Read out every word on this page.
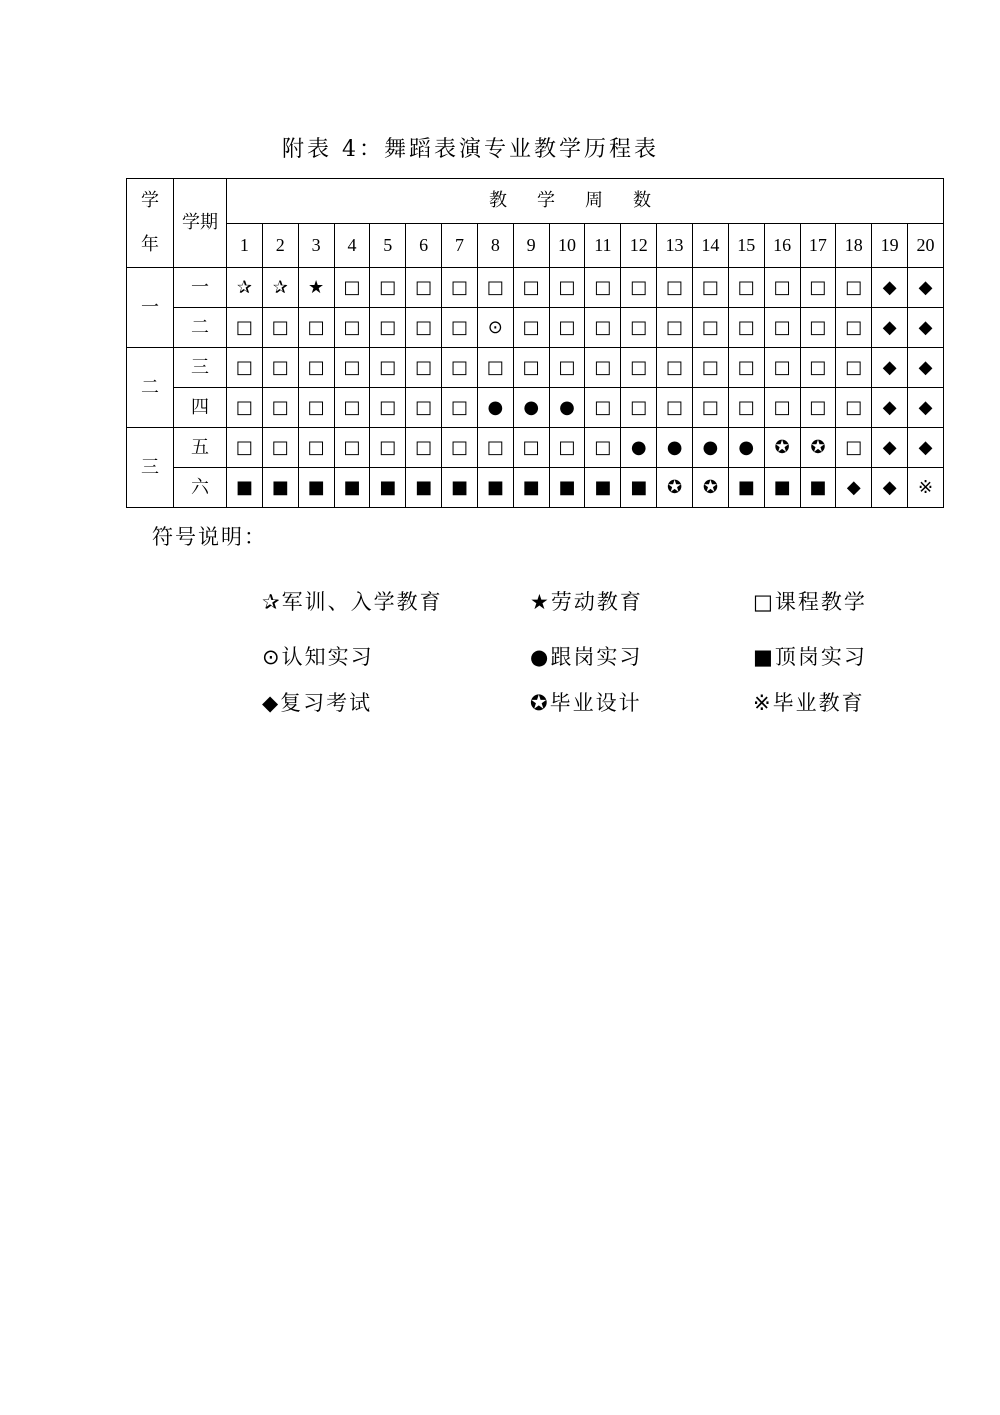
附表 4：舞蹈表演专业教学历程表
学
年	学期	教学周数																			
		1	2	3	4	5	6	7	8	9	10	11	12	13	14	15	16	17	18	19	20
一	一	✰	✰	★	□	□	□	□	□	□	□	□	□	□	□	□	□	□	□	◆	◆
	二	□	□	□	□	□	□	□	⊙	□	□	□	□	□	□	□	□	□	□	◆	◆
二	三	□	□	□	□	□	□	□	□	□	□	□	□	□	□	□	□	□	□	◆	◆
	四	□	□	□	□	□	□	□	●	●	●	□	□	□	□	□	□	□	□	◆	◆
三	五	□	□	□	□	□	□	□	□	□	□	□	●	●	●	●	✪	✪	□	◆	◆
	六	■	■	■	■	■	■	■	■	■	■	■	■	✪	✪	■	■	■	◆	◆	※
符号说明：
✰军训、入学教育	★劳动教育	□课程教学
⊙认知实习	●跟岗实习	■顶岗实习
◆复习考试	✪毕业设计	※毕业教育
